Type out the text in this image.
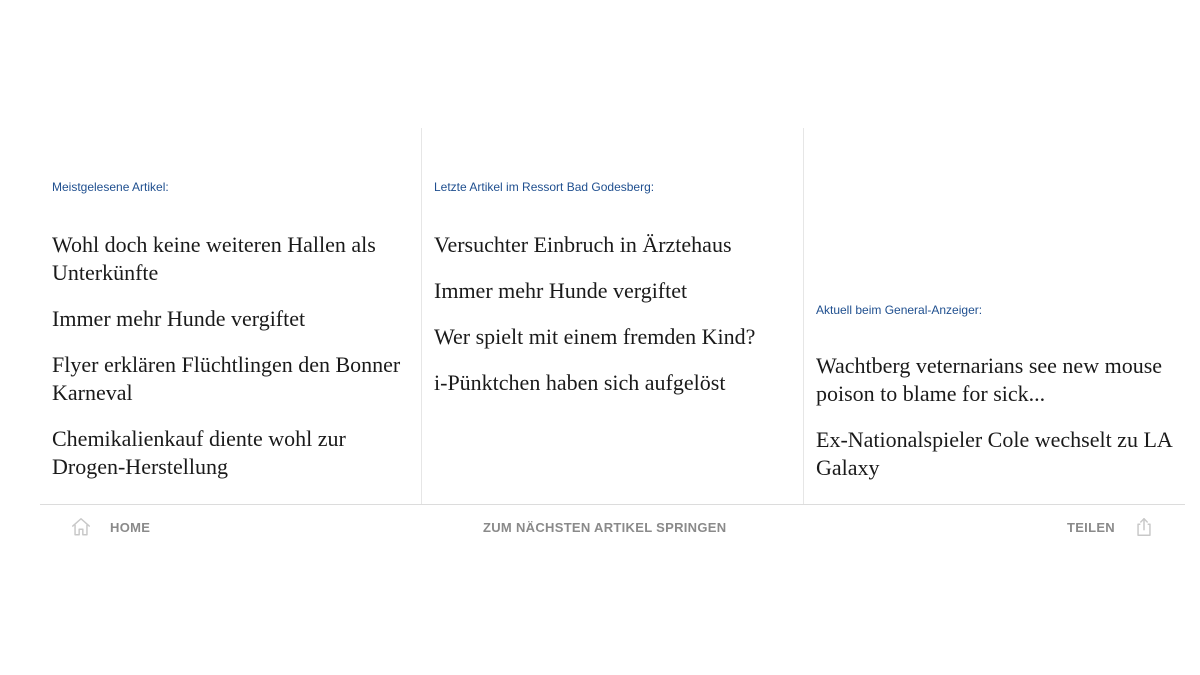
Meistgelesene Artikel:
Wohl doch keine weiteren Hallen als Unterkünfte
Immer mehr Hunde vergiftet
Flyer erklären Flüchtlingen den Bonner Karneval
Chemikalienkauf diente wohl zur Drogen-Herstellung
Letzte Artikel im Ressort Bad Godesberg:
Versuchter Einbruch in Ärztehaus
Immer mehr Hunde vergiftet
Wer spielt mit einem fremden Kind?
i-Pünktchen haben sich aufgelöst
Aktuell beim General-Anzeiger:
Wachtberg veternarians see new mouse poison to blame for sick...
Ex-Nationalspieler Cole wechselt zu LA Galaxy
HOME	ZUM NÄCHSTEN ARTIKEL SPRINGEN	TEILEN
